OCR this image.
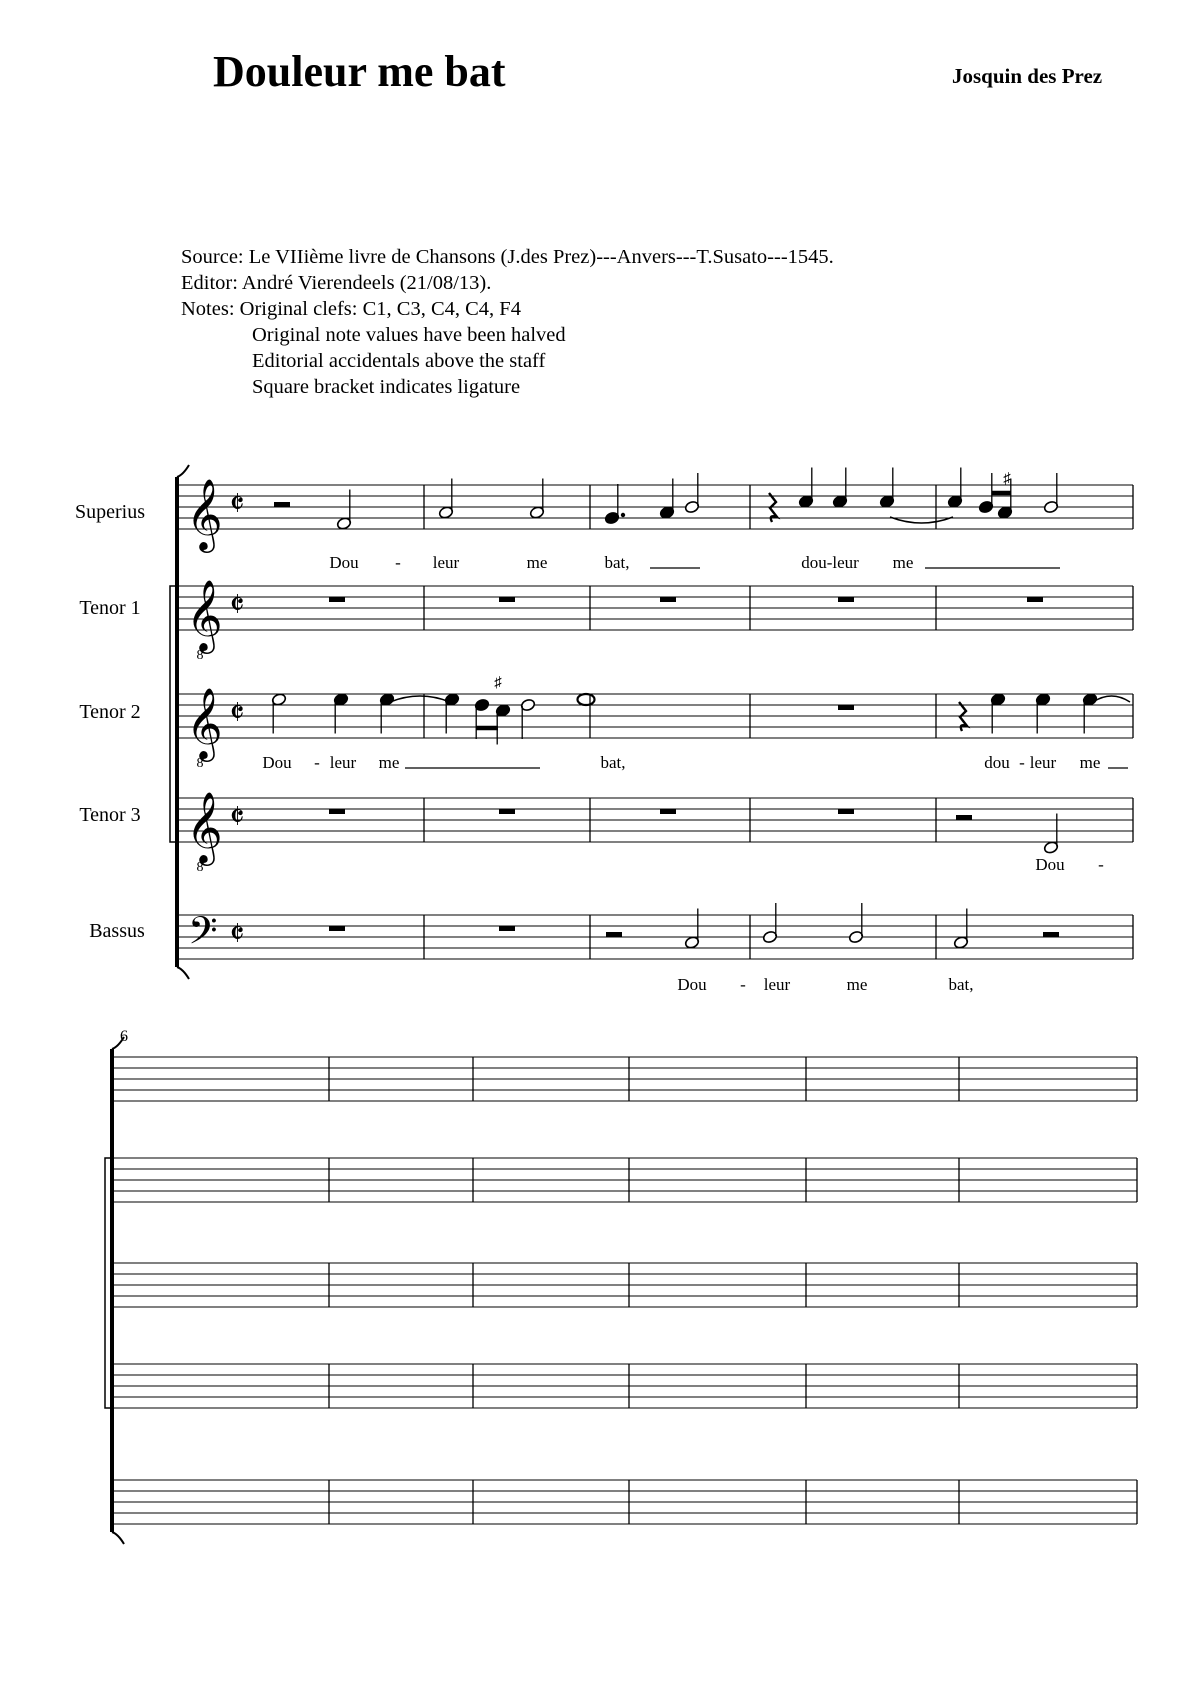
Douleur me bat	Josquin des Prez
Source: Le VIIième livre de Chansons (J.des Prez)---Anvers---T.Susato---1545.
Editor: André Vierendeels (21/08/13).
Notes: Original clefs: C1, C3, C4, C4, F4
Original note values have been halved
Editorial accidentals above the staff
Square bracket indicates ligature
Superius
Tenor 1
Tenor 2
Tenor 3
Bassus
𝄞 𝄵
𝄞
8
𝄵
𝄞
8
𝄵
𝄞
8
𝄵
𝄢 𝄵
♯
Dou - leur	me	bat,	dou-leur me
♯
Dou - leur me	bat,	dou - leur me
Dou -
Dou - leur	me	bat,
6
